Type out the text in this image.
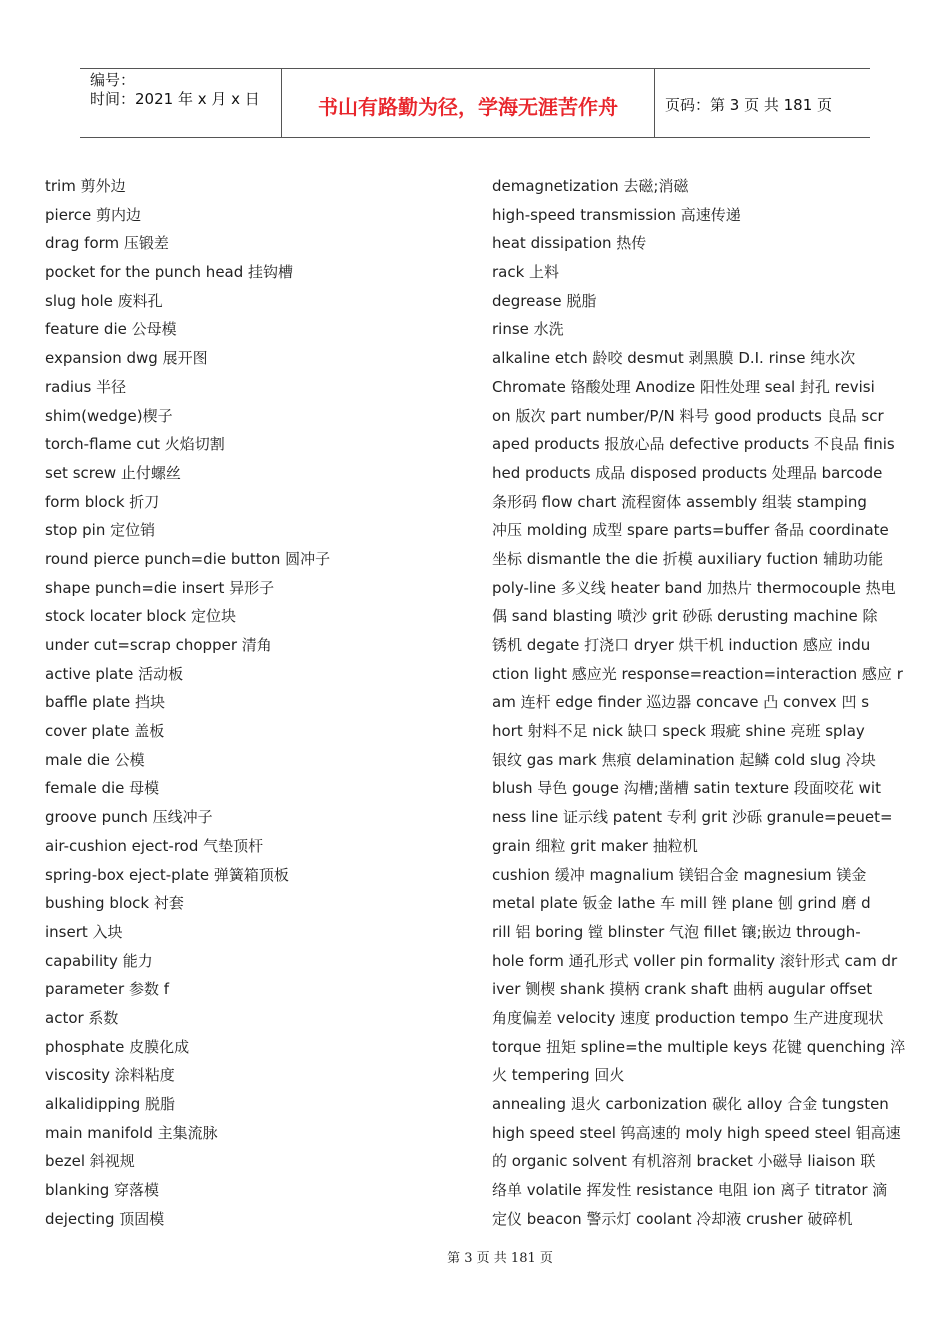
编号：
时间：2021 年 x 月 x 日	书山有路勤为径，学海无涯苦作舟	页码：第 3 页 共 181 页
trim 剪外边
pierce 剪内边
drag form 压锻差
pocket for the punch head 挂钩槽
slug hole 废料孔
feature die 公母模
expansion dwg 展开图
radius 半径
shim(wedge)楔子
torch-flame cut 火焰切割
set screw 止付螺丝
form block 折刀
stop pin 定位销
round pierce punch=die button 圆冲子
shape punch=die insert 异形子
stock locater block 定位块
under cut=scrap chopper 清角
active plate 活动板
baffle plate 挡块
cover plate 盖板
male die 公模
female die 母模
groove punch 压线冲子
air-cushion eject-rod 气垫顶杆
spring-box eject-plate 弹簧箱顶板
bushing block 衬套
insert 入块
capability 能力
parameter 参数 f
actor 系数
phosphate 皮膜化成
viscosity 涂料粘度
alkalidipping 脱脂
main manifold 主集流脉
bezel 斜视规
blanking 穿落模
dejecting 顶固模
demagnetization 去磁;消磁
high-speed transmission 高速传递
heat dissipation 热传
rack 上料
degrease 脱脂
rinse 水洗
alkaline etch 龄咬 desmut 剥黑膜 D.I. rinse 纯水次
Chromate 铬酸处理 Anodize 阳性处理 seal 封孔 revisi
on 版次 part number/P/N 料号 good products 良品 scr
aped products 报放心品 defective products 不良品 finis
hed products 成品 disposed products 处理品 barcode
条形码 flow chart 流程窗体 assembly 组装 stamping
冲压 molding 成型 spare parts=buffer 备品 coordinate
坐标 dismantle the die 折模 auxiliary fuction 辅助功能
poly-line 多义线 heater band 加热片 thermocouple 热电
偶 sand blasting 喷沙 grit 砂砾 derusting machine 除
锈机 degate 打浇口 dryer 烘干机 induction 感应 indu
ction light 感应光 response=reaction=interaction 感应 r
am 连杆 edge finder 巡边器 concave 凸 convex 凹 s
hort 射料不足 nick 缺口 speck 瑕疵 shine 亮班 splay
银纹 gas mark 焦痕 delamination 起鳞 cold slug 冷块
blush 导色 gouge 沟槽;凿槽 satin texture 段面咬花 wit
ness line 证示线 patent 专利 grit 沙砾 granule=peuet=
grain 细粒 grit maker 抽粒机
cushion 缓冲 magnalium 镁铝合金 magnesium 镁金
metal plate 钣金 lathe 车 mill 锉 plane 刨 grind 磨 d
rill 铝 boring 镗 blinster 气泡 fillet 镶;嵌边 through-
hole form 通孔形式 voller pin formality 滚针形式 cam dr
iver 铡楔 shank 摸柄 crank shaft 曲柄 augular offset
角度偏差 velocity 速度 production tempo 生产进度现状
torque 扭矩 spline=the multiple keys 花键 quenching 淬
火 tempering 回火
annealing 退火 carbonization 碳化 alloy 合金 tungsten
high speed steel 钨高速的 moly high speed steel 钼高速
的 organic solvent 有机溶剂 bracket 小磁导 liaison 联
络单 volatile 挥发性 resistance 电阻 ion 离子 titrator 滴
定仪 beacon 警示灯 coolant 冷却液 crusher 破碎机
第 3 页 共 181 页
